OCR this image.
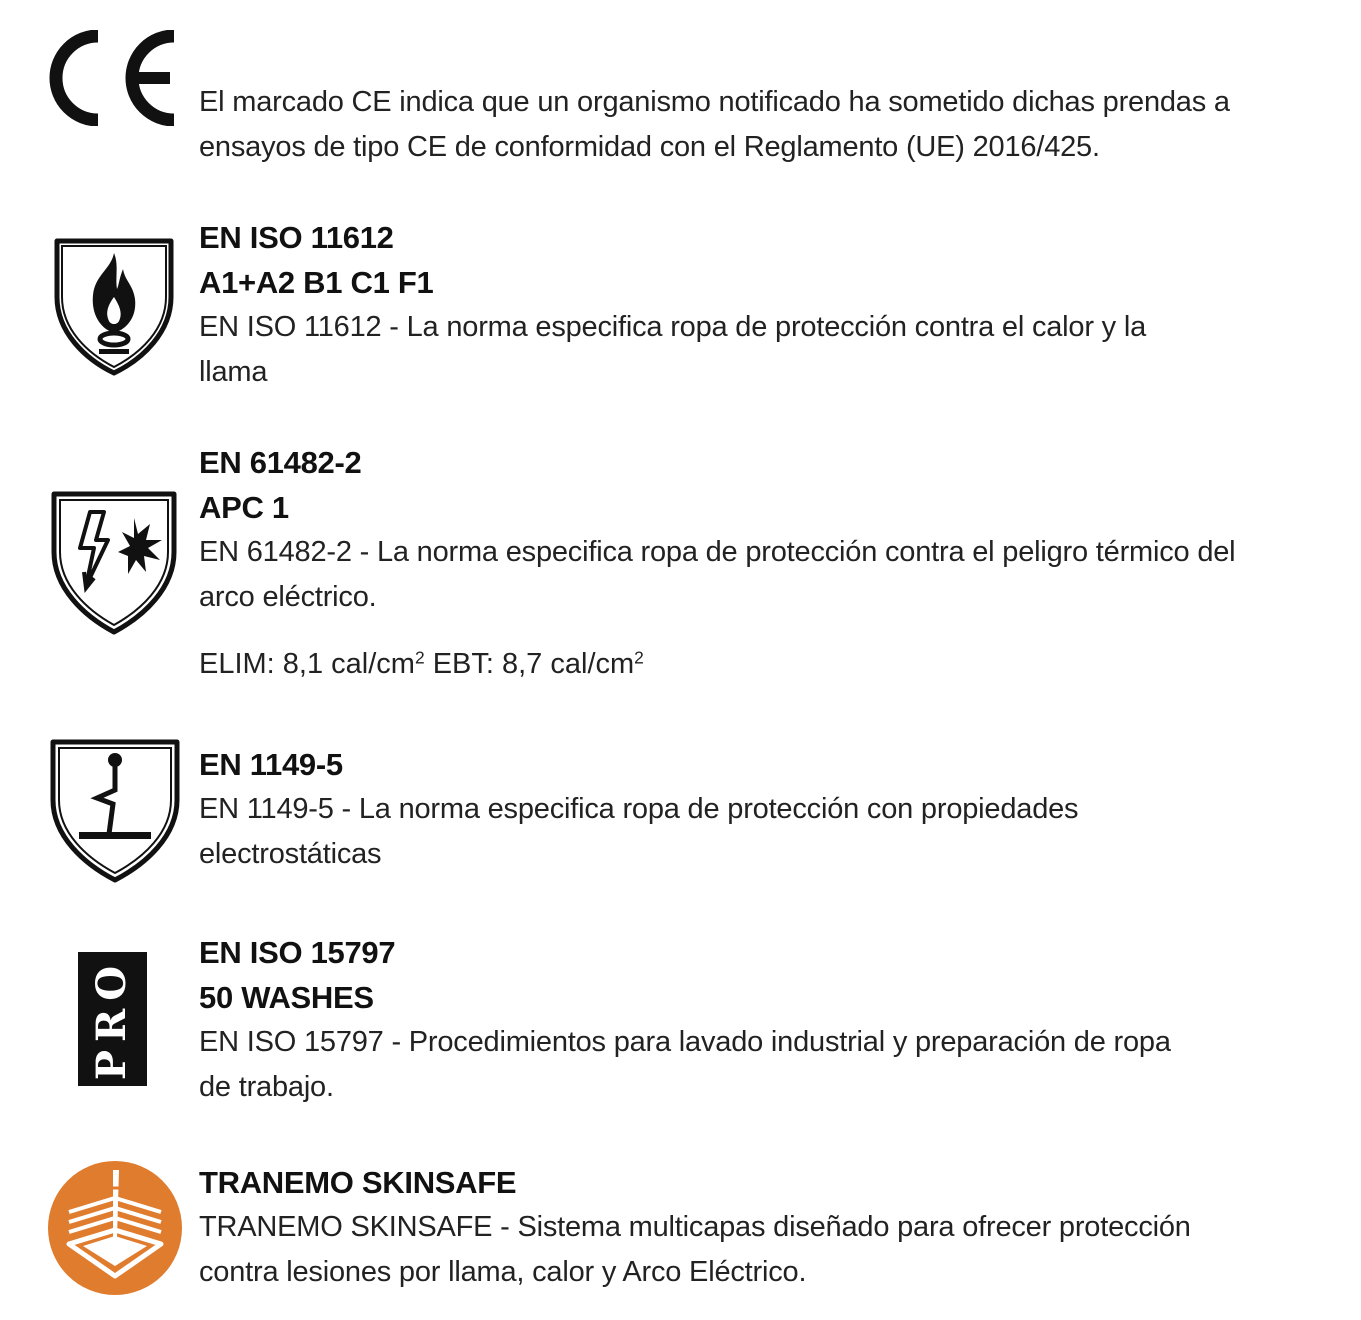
El marcado CE indica que un organismo notificado ha sometido dichas prendas a ensayos de tipo CE de conformidad con el Reglamento (UE) 2016/425.
EN ISO 11612
A1+A2 B1 C1 F1
EN ISO 11612 - La norma especifica ropa de protección contra el calor y la llama
EN 61482-2
APC 1
EN 61482-2 - La norma especifica ropa de protección contra el peligro térmico del arco eléctrico.
ELIM: 8,1 cal/$cm^2$ EBT: 8,7 cal/$cm^2$
EN 1149-5
EN 1149-5 - La norma especifica ropa de protección con propiedades electrostáticas
PRO
EN ISO 15797
50 WASHES
EN ISO 15797 - Procedimientos para lavado industrial y preparación de ropa de trabajo.
TRANEMO SKINSAFE
TRANEMO SKINSAFE - Sistema multicapas diseñado para ofrecer protección contra lesiones por llama, calor y Arco Eléctrico.
